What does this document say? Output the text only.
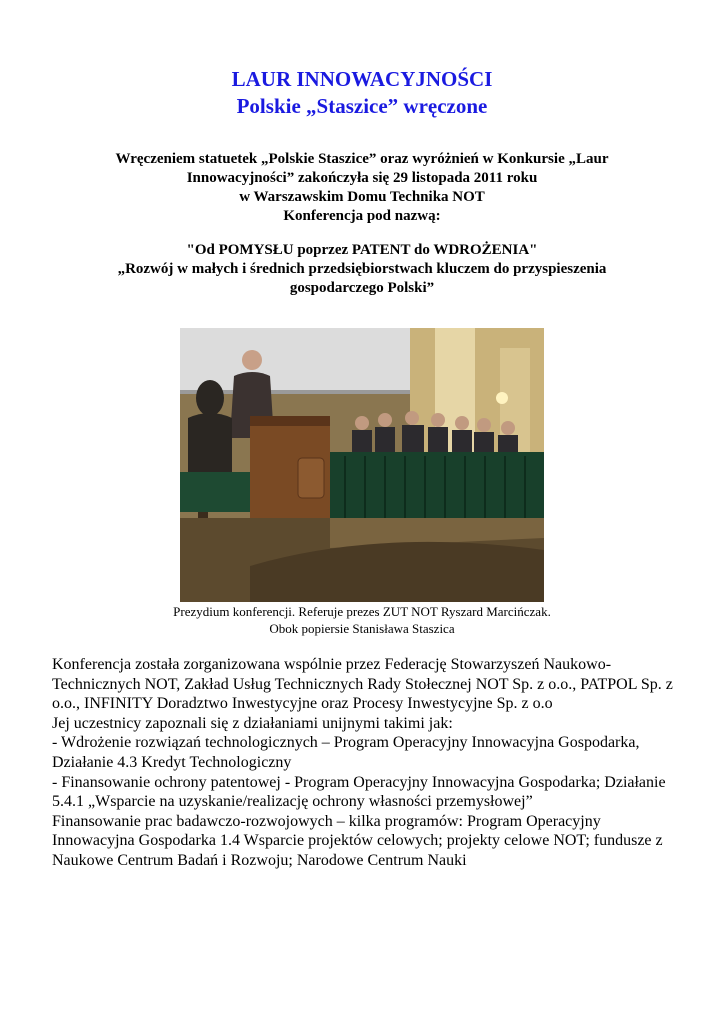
LAUR INNOWACYJNOŚCI
Polskie „Staszice” wręczone
Wręczeniem statuetek „Polskie Staszice” oraz wyróżnień w Konkursie „Laur
Innowacyjności” zakończyła się 29 listopada 2011 roku
w Warszawskim Domu Technika NOT
Konferencja pod nazwą:
"Od POMYSŁU poprzez PATENT do WDROŻENIA"
„Rozwój w małych i średnich przedsiębiorstwach kluczem do przyspieszenia
gospodarczego Polski”
Prezydium konferencji. Referuje prezes ZUT NOT Ryszard Marcińczak.
Obok popiersie Stanisława Staszica

Konferencja została zorganizowana wspólnie przez Federację Stowarzyszeń Naukowo-Technicznych NOT, Zakład Usług Technicznych Rady Stołecznej NOT Sp. z o.o., PATPOL Sp. z o.o., INFINITY Doradztwo Inwestycyjne oraz Procesy Inwestycyjne Sp. z o.o

Jej uczestnicy zapoznali się z działaniami unijnymi takimi jak:

- Wdrożenie rozwiązań technologicznych – Program Operacyjny Innowacyjna Gospodarka, Działanie 4.3 Kredyt Technologiczny

- Finansowanie ochrony patentowej - Program Operacyjny Innowacyjna Gospodarka; Działanie 5.4.1 „Wsparcie na uzyskanie/realizację ochrony własności przemysłowej”

Finansowanie prac badawczo-rozwojowych – kilka programów: Program Operacyjny Innowacyjna Gospodarka 1.4 Wsparcie projektów celowych; projekty celowe NOT; fundusze z Naukowe Centrum Badań i Rozwoju; Narodowe Centrum Nauki
